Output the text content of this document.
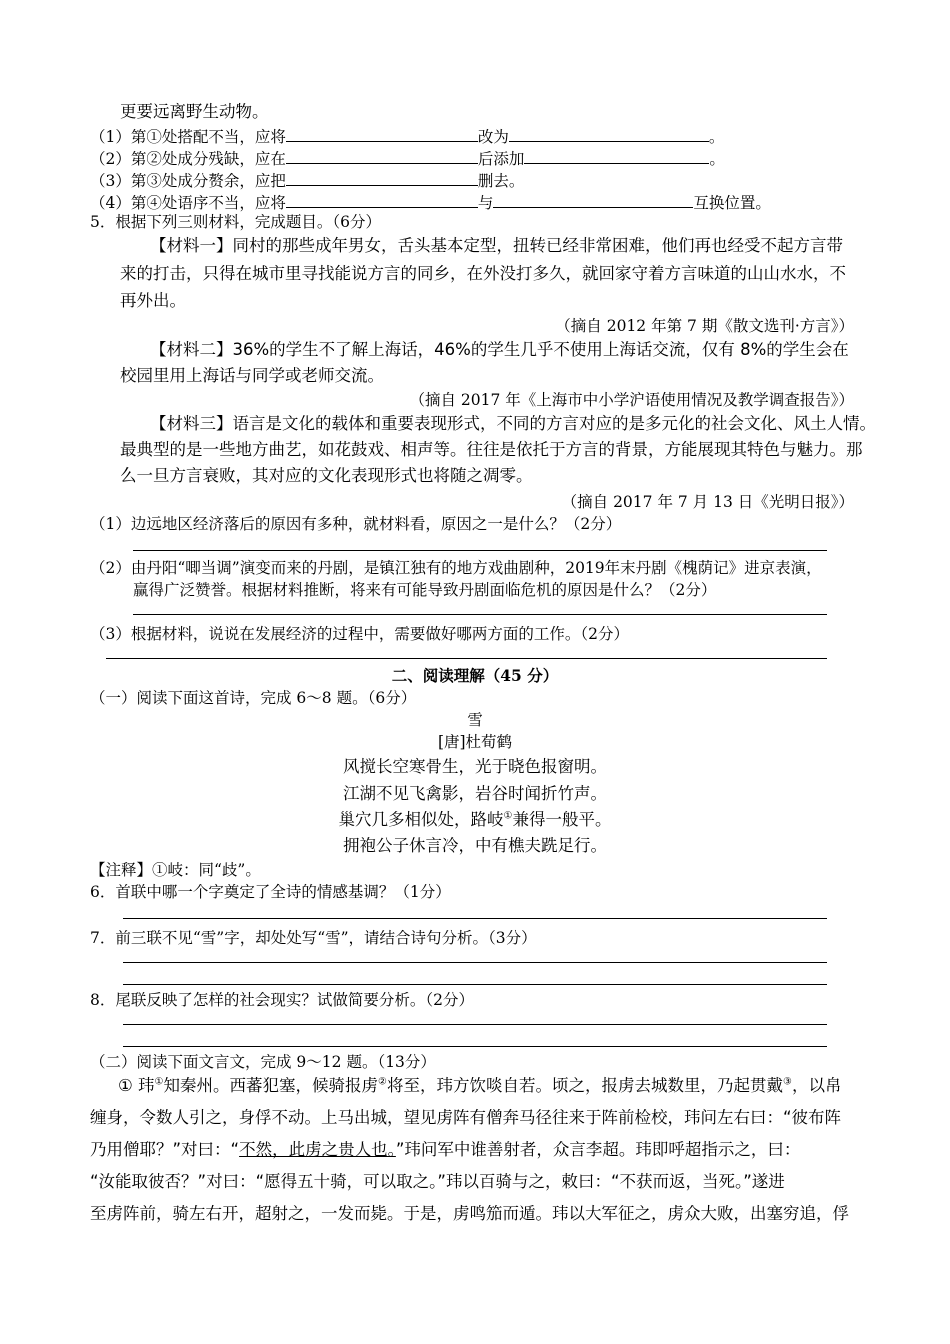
更要远离野生动物。
（1）第①处搭配不当，应将	改为	。
（2）第②处成分残缺，应在	后添加	。
（3）第③处成分赘余，应把	删去。
（4）第④处语序不当，应将	与	互换位置。
5．根据下列三则材料，完成题目。（6分）
【材料一】同村的那些成年男女，舌头基本定型，扭转已经非常困难，他们再也经受不起方言带
来的打击，只得在城市里寻找能说方言的同乡，在外没打多久，就回家守着方言味道的山山水水，不
再外出。
（摘自 2012 年第 7 期《散文选刊·方言》）
【材料二】36%的学生不了解上海话，46%的学生几乎不使用上海话交流，仅有 8%的学生会在
校园里用上海话与同学或老师交流。
（摘自 2017 年《上海市中小学沪语使用情况及教学调查报告》）
【材料三】语言是文化的载体和重要表现形式，不同的方言对应的是多元化的社会文化、风土人情。
最典型的是一些地方曲艺，如花鼓戏、相声等。往往是依托于方言的背景，方能展现其特色与魅力。那
么一旦方言衰败，其对应的文化表现形式也将随之凋零。
（摘自 2017 年 7 月 13 日《光明日报》）
（1）边远地区经济落后的原因有多种，就材料看，原因之一是什么？（2分）
（2）由丹阳“唧当调”演变而来的丹剧，是镇江独有的地方戏曲剧种，2019年末丹剧《槐荫记》进京表演，
赢得广泛赞誉。根据材料推断，将来有可能导致丹剧面临危机的原因是什么？（2分）
（3）根据材料，说说在发展经济的过程中，需要做好哪两方面的工作。（2分）
二、阅读理解（45 分）
（一）阅读下面这首诗，完成 6～8 题。（6分）
雪
[唐]杜荀鹤
风搅长空寒骨生，光于晓色报窗明。
江湖不见飞禽影，岩谷时闻折竹声。
巢穴几多相似处，路岐①兼得一般平。
拥袍公子休言冷，中有樵夫跣足行。
【注释】①岐：同“歧”。
6．首联中哪一个字奠定了全诗的情感基调？（1分）
7．前三联不见“雪”字，却处处写“雪”，请结合诗句分析。（3分）
8．尾联反映了怎样的社会现实？试做简要分析。（2分）
（二）阅读下面文言文，完成 9～12 题。（13分）
① 玮①知秦州。西蕃犯塞，候骑报虏②将至，玮方饮啖自若。顷之，报虏去城数里，乃起贯戴③，以帛
缠身，令数人引之，身俘不动。上马出城，望见虏阵有僧奔马径往来于阵前检校，玮问左右曰：“彼布阵
乃用僧耶？”对曰：“不然，此虏之贵人也。”玮问军中谁善射者，众言李超。玮即呼超指示之，曰：
“汝能取彼否？”对曰：“愿得五十骑，可以取之。”玮以百骑与之，敕曰：“不获而返，当死。”遂进
至虏阵前，骑左右开，超射之，一发而毙。于是，虏鸣笳而遁。玮以大军征之，虏众大败，出塞穷追，俘
